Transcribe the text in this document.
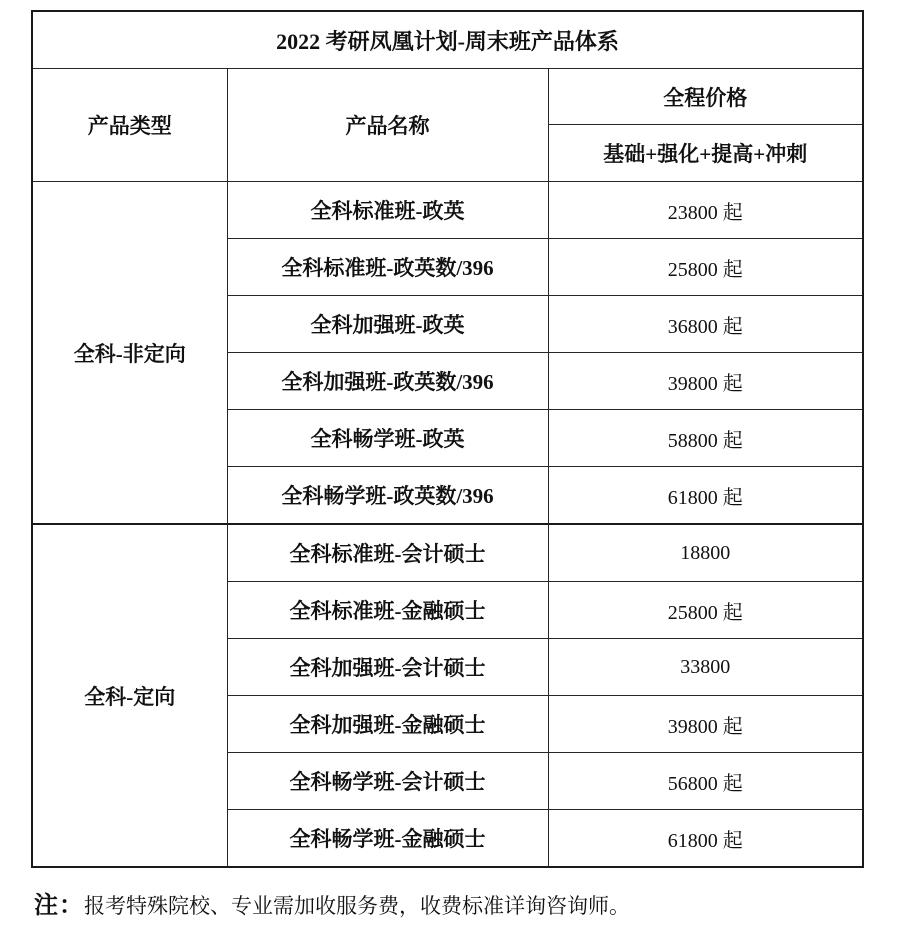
2022 考研凤凰计划-周末班产品体系		
产品类型	产品名称	全程价格
		基础+强化+提高+冲刺
全科-非定向	全科标准班-政英	23800 起
	全科标准班-政英数/396	25800 起
	全科加强班-政英	36800 起
	全科加强班-政英数/396	39800 起
	全科畅学班-政英	58800 起
	全科畅学班-政英数/396	61800 起
全科-定向	全科标准班-会计硕士	18800
	全科标准班-金融硕士	25800 起
	全科加强班-会计硕士	33800
	全科加强班-金融硕士	39800 起
	全科畅学班-会计硕士	56800 起
	全科畅学班-金融硕士	61800 起
注：报考特殊院校、专业需加收服务费，收费标准详询咨询师。
